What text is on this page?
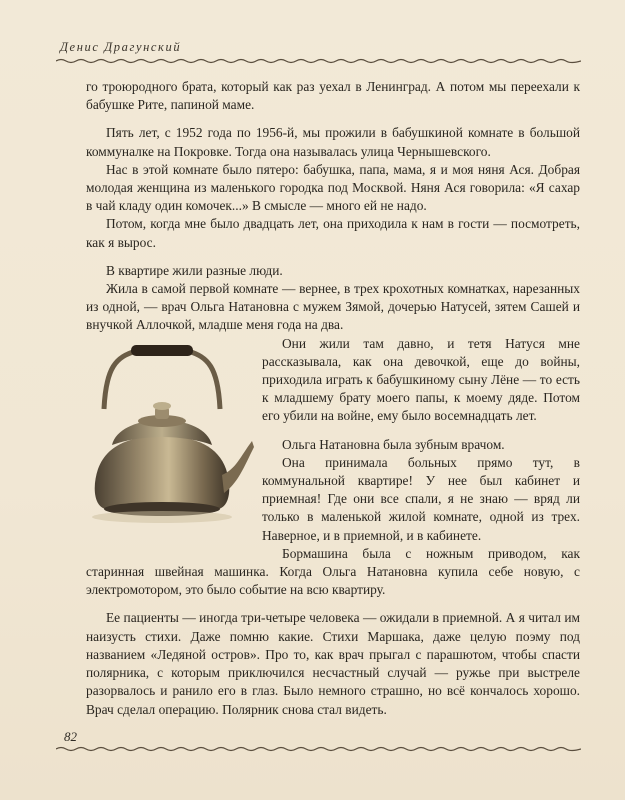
Денис Драгунский

го троюродного брата, который как раз уехал в Ленинград. А потом мы переехали к бабушке Рите, папиной маме.

Пять лет, с 1952 года по 1956-й, мы прожили в бабушкиной комнате в большой коммуналке на Покровке. Тогда она называлась улица Чернышевского.

Нас в этой комнате было пятеро: бабушка, папа, мама, я и моя няня Ася. Добрая молодая женщина из маленького городка под Москвой. Няня Ася говорила: «Я сахар в чай кладу один комочек...» В смысле — много ей не надо.

Потом, когда мне было двадцать лет, она приходила к нам в гости — посмотреть, как я вырос.

В квартире жили разные люди.

Жила в самой первой комнате — вернее, в трех крохотных комнатках, нарезанных из одной, — врач Ольга Натановна с мужем Зямой, дочерью Натусей, зятем Сашей и внучкой Аллочкой, младше меня года на два.

Они жили там давно, и тетя Натуся мне рассказывала, как она девочкой, еще до войны, приходила играть к бабушкиному сыну Лёне — то есть к младшему брату моего папы, к моему дяде. Потом его убили на войне, ему было восемнадцать лет.

Ольга Натановна была зубным врачом.

Она принимала больных прямо тут, в коммунальной квартире! У нее был кабинет и приемная! Где они все спали, я не знаю — вряд ли только в маленькой жилой комнате, одной из трех. Наверное, и в приемной, и в кабинете.

Бормашина была с ножным приводом, как старинная швейная машинка. Когда Ольга Натановна купила себе новую, с электромотором, это было событие на всю квартиру.

Ее пациенты — иногда три-четыре человека — ожидали в приемной. А я читал им наизусть стихи. Даже помню какие. Стихи Маршака, даже целую поэму под названием «Ледяной остров». Про то, как врач прыгал с парашютом, чтобы спасти полярника, с которым приключился несчастный случай — ружье при выстреле разорвалось и ранило его в глаз. Было немного страшно, но всё кончалось хорошо. Врач сделал операцию. Полярник снова стал видеть.

82
